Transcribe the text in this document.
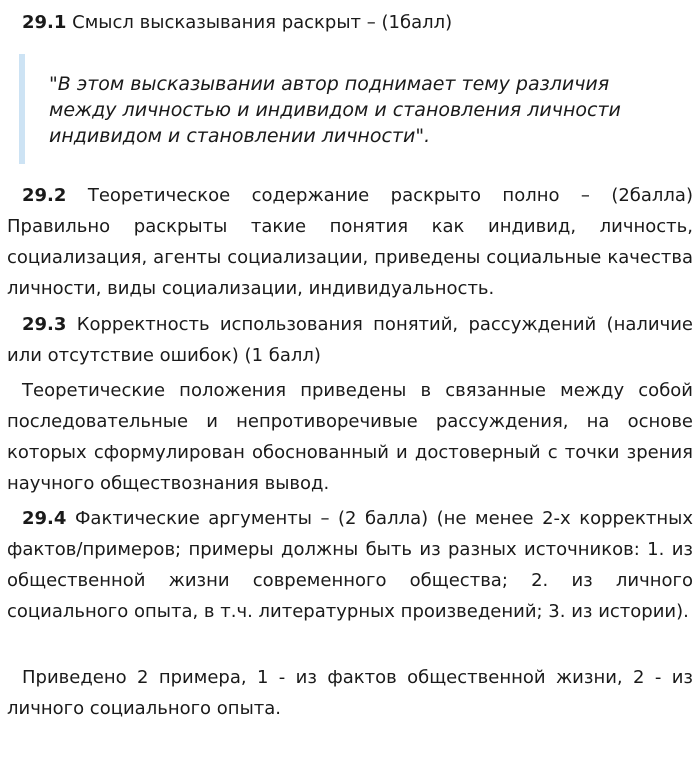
29.1 Смысл высказывания раскрыт – (1балл)

"В этом высказывании автор поднимает тему различия между личностью и индивидом и становления личности индивидом и становлении личности".

29.2 Теоретическое содержание раскрыто полно – (2балла) Правильно раскрыты такие понятия как индивид, личность, социализация, агенты социализации, приведены социальные качества личности, виды социализации, индивидуальность.

29.3 Корректность использования понятий, рассуждений (наличие или отсутствие ошибок) (1 балл)

Теоретические положения приведены в связанные между собой последовательные и непротиворечивые рассуждения, на основе которых сформулирован обоснованный и достоверный с точки зрения научного обществознания вывод.

29.4 Фактические аргументы – (2 балла) (не менее 2-х корректных фактов/примеров; примеры должны быть из разных источников: 1. из общественной жизни современного общества; 2. из личного социального опыта, в т.ч. литературных произведений; 3. из истории).

Приведено 2 примера, 1 - из фактов общественной жизни, 2 - из личного социального опыта.
